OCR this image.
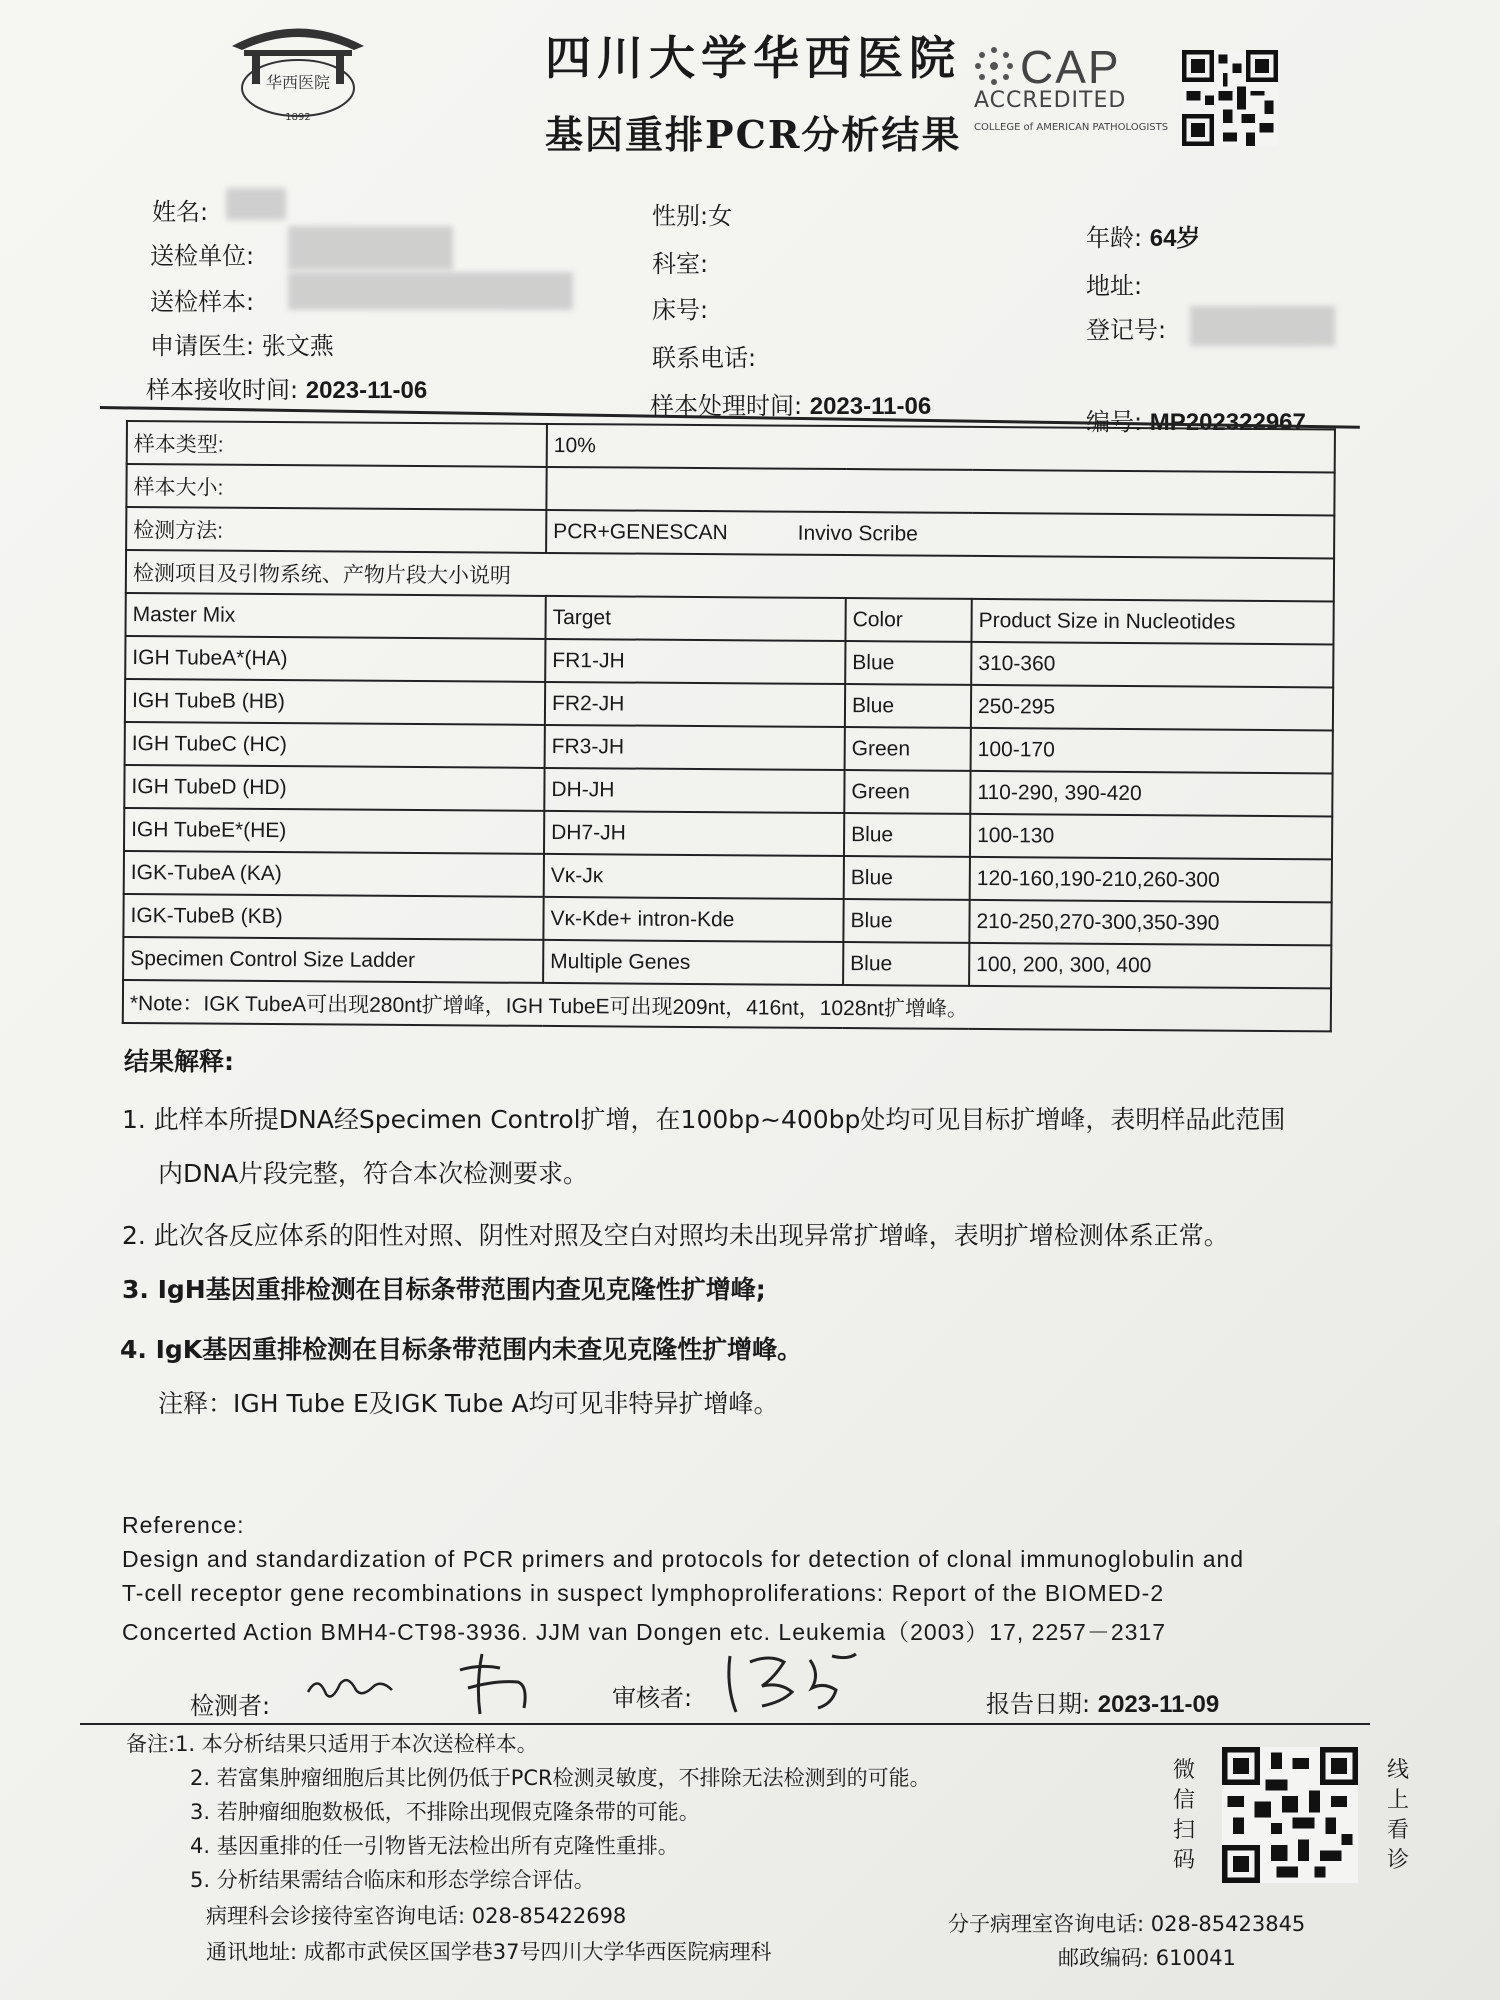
华西医院
1892
四川大学华西医院
基因重排PCR分析结果
CAP
ACCREDITED
COLLEGE of AMERICAN PATHOLOGISTS
姓名:
送检单位:
送检样本:
申请医生: 张文燕
样本接收时间: 2023-11-06
性别:女
科室:
床号:
联系电话:
样本处理时间: 2023-11-06
年龄: 64岁
地址:
登记号:
MP202322967
样本类型:	10%		
样本大小:			
检测方法:	PCR+GENESCAN Invivo Scribe		
检测项目及引物系统、产物片段大小说明			
Master Mix	Target	Color	Product Size in Nucleotides
IGH TubeA*(HA)	FR1-JH	Blue	310-360
IGH TubeB (HB)	FR2-JH	Blue	250-295
IGH TubeC (HC)	FR3-JH	Green	100-170
IGH TubeD (HD)	DH-JH	Green	110-290, 390-420
IGH TubeE*(HE)	DH7-JH	Blue	100-130
IGK-TubeA (KA)	Vκ-Jκ	Blue	120-160,190-210,260-300
IGK-TubeB (KB)	Vκ-Kde+ intron-Kde	Blue	210-250,270-300,350-390
Specimen Control Size Ladder	Multiple Genes	Blue	100, 200, 300, 400
*Note：IGK TubeA可出现280nt扩增峰，IGH TubeE可出现209nt，416nt，1028nt扩增峰。			
结果解释:
1. 此样本所提DNA经Specimen Control扩增，在100bp~400bp处均可见目标扩增峰，表明样品此范围
内DNA片段完整，符合本次检测要求。
2. 此次各反应体系的阳性对照、阴性对照及空白对照均未出现异常扩增峰，表明扩增检测体系正常。
3. IgH基因重排检测在目标条带范围内查见克隆性扩增峰;
4. IgK基因重排检测在目标条带范围内未查见克隆性扩增峰。
注释：IGH Tube E及IGK Tube A均可见非特异扩增峰。
Reference:
Design and standardization of PCR primers and protocols for detection of clonal immunoglobulin and
T-cell receptor gene recombinations in suspect lymphoproliferations: Report of the BIOMED-2
Concerted Action BMH4-CT98-3936. JJM van Dongen etc. Leukemia（2003）17, 2257－2317
检测者:	审核者:	报告日期: 2023-11-09
备注:1. 本分析结果只适用于本次送检样本。
2. 若富集肿瘤细胞后其比例仍低于PCR检测灵敏度，不排除无法检测到的可能。
3. 若肿瘤细胞数极低，不排除出现假克隆条带的可能。
4. 基因重排的任一引物皆无法检出所有克隆性重排。
5. 分析结果需结合临床和形态学综合评估。
病理科会诊接待室咨询电话: 028-85422698
通讯地址: 成都市武侯区国学巷37号四川大学华西医院病理科
分子病理室咨询电话: 028-85423845
邮政编码: 610041
微信扫码
线上看诊
